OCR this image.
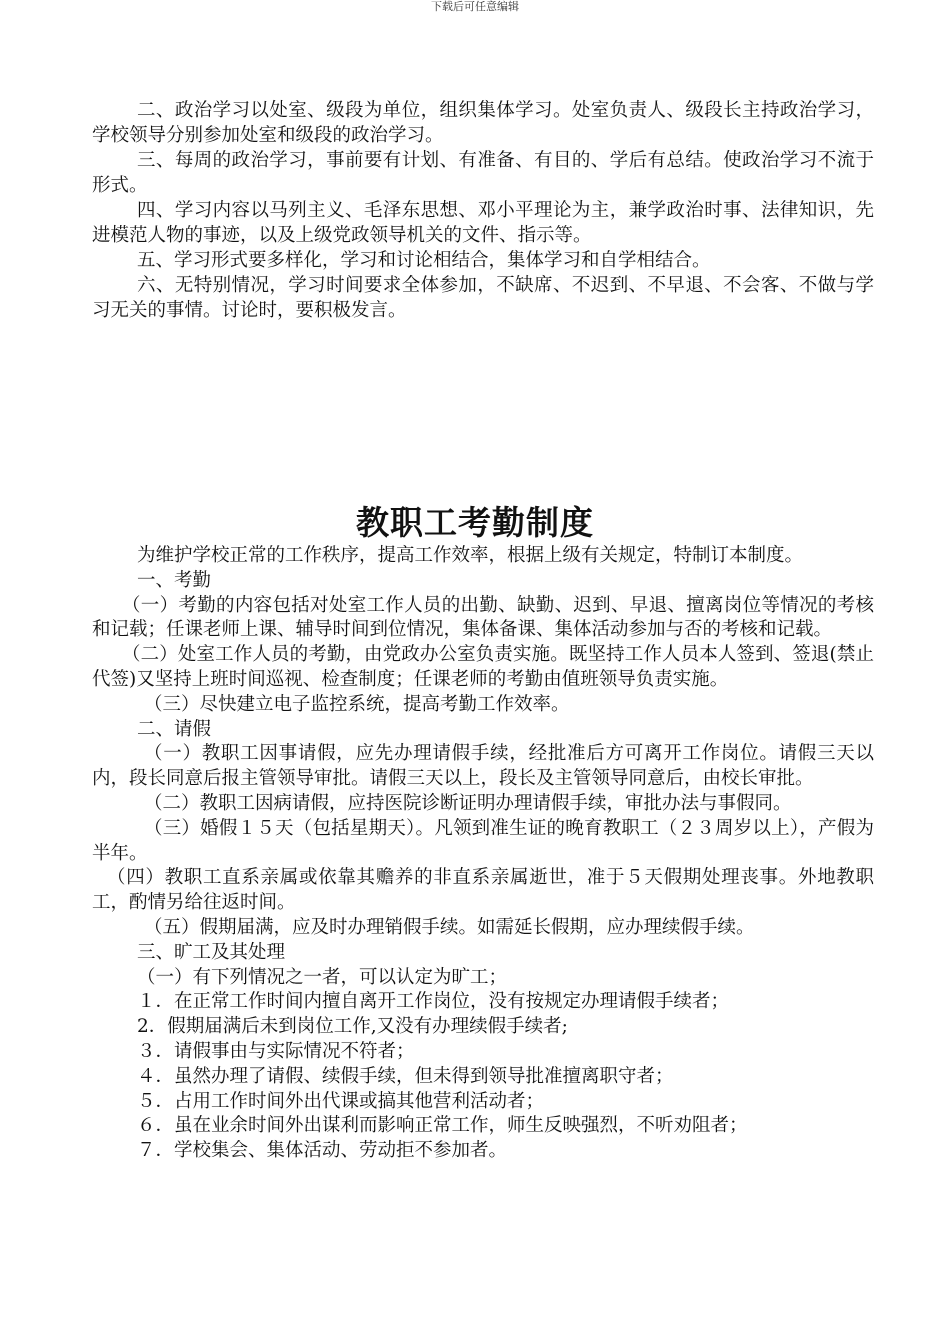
下载后可任意编辑

二、政治学习以处室、级段为单位，组织集体学习。处室负责人、级段长主持政治学习，学校领导分别参加处室和级段的政治学习。

三、每周的政治学习，事前要有计划、有准备、有目的、学后有总结。使政治学习不流于形式。

四、学习内容以马列主义、毛泽东思想、邓小平理论为主，兼学政治时事、法律知识，先进模范人物的事迹，以及上级党政领导机关的文件、指示等。

五、学习形式要多样化，学习和讨论相结合，集体学习和自学相结合。

六、无特别情况，学习时间要求全体参加，不缺席、不迟到、不早退、不会客、不做与学习无关的事情。讨论时，要积极发言。

教职工考勤制度

为维护学校正常的工作秩序，提高工作效率，根据上级有关规定，特制订本制度。

一、考勤

（一）考勤的内容包括对处室工作人员的出勤、缺勤、迟到、早退、擅离岗位等情况的考核和记载；任课老师上课、辅导时间到位情况，集体备课、集体活动参加与否的考核和记载。

（二）处室工作人员的考勤，由党政办公室负责实施。既坚持工作人员本人签到、签退(禁止代签)又坚持上班时间巡视、检查制度；任课老师的考勤由值班领导负责实施。

（三）尽快建立电子监控系统，提高考勤工作效率。

二、请假

（一）教职工因事请假，应先办理请假手续，经批准后方可离开工作岗位。请假三天以内，段长同意后报主管领导审批。请假三天以上，段长及主管领导同意后，由校长审批。

（二）教职工因病请假，应持医院诊断证明办理请假手续，审批办法与事假同。

（三）婚假１５天（包括星期天）。凡领到准生证的晚育教职工（２３周岁以上），产假为半年。

（四）教职工直系亲属或依靠其赡养的非直系亲属逝世，准于５天假期处理丧事。外地教职工，酌情另给往返时间。

（五）假期届满，应及时办理销假手续。如需延长假期，应办理续假手续。

三、旷工及其处理

（一）有下列情况之一者，可以认定为旷工；

１．在正常工作时间内擅自离开工作岗位，没有按规定办理请假手续者；

2．假期届满后未到岗位工作,又没有办理续假手续者;

３．请假事由与实际情况不符者；

４．虽然办理了请假、续假手续，但未得到领导批准擅离职守者；

５．占用工作时间外出代课或搞其他营利活动者；

６．虽在业余时间外出谋利而影响正常工作，师生反映强烈，不听劝阻者；

７．学校集会、集体活动、劳动拒不参加者。
